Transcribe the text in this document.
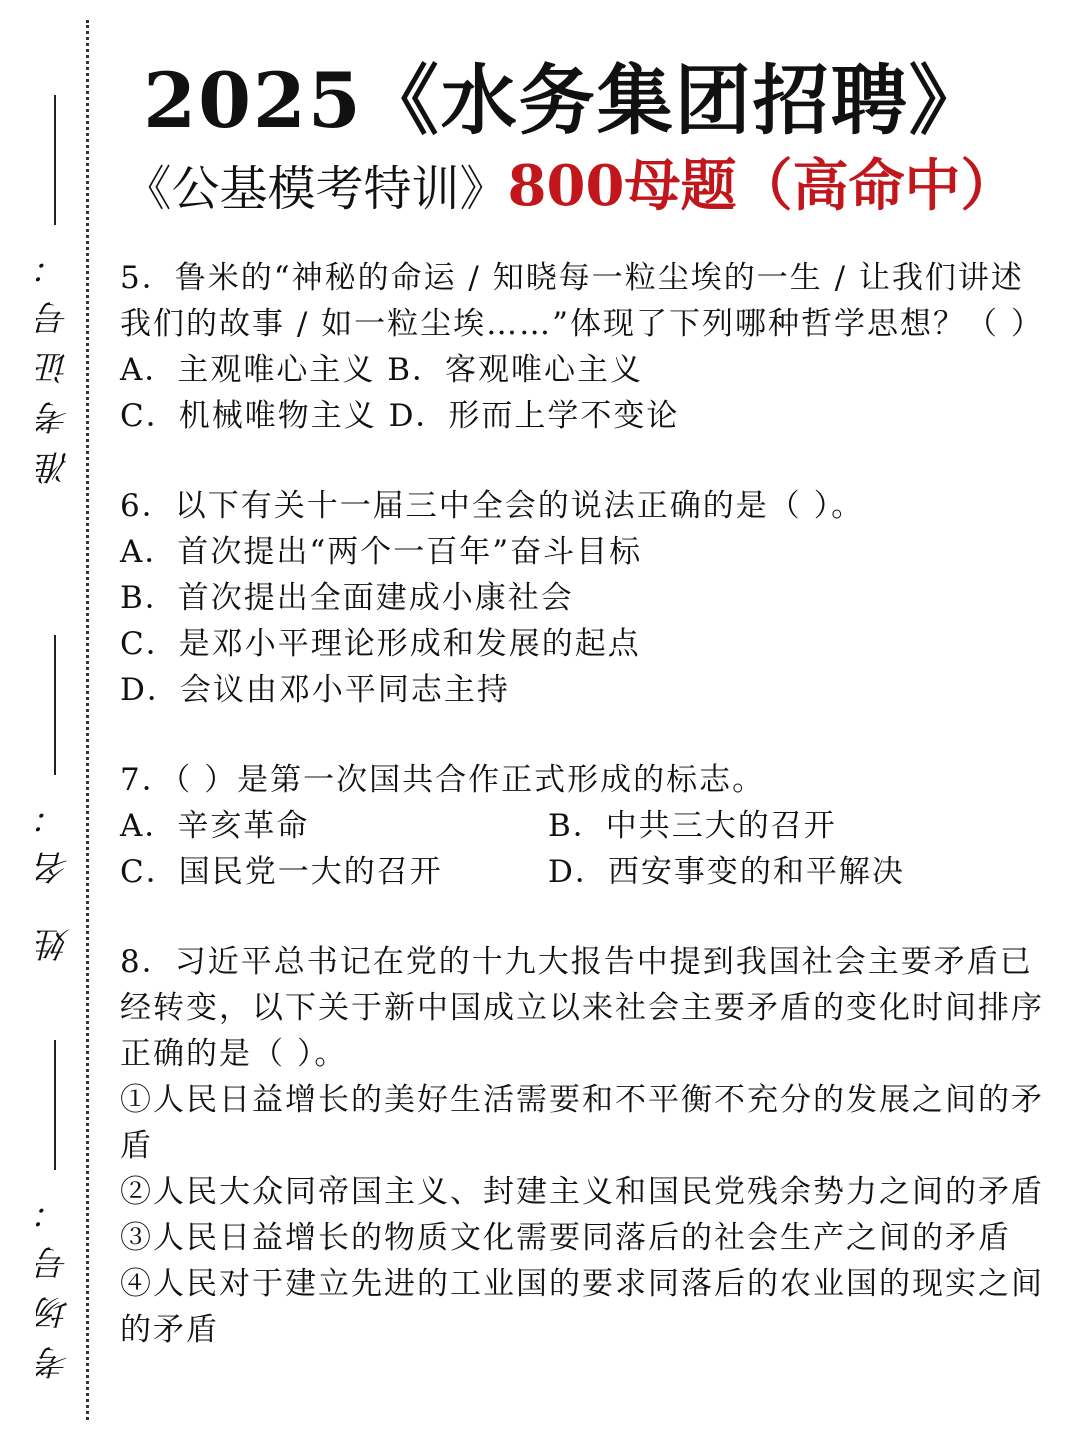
准考证号：
姓 名：
考场号：
2025《水务集团招聘》
《公基模考特训》800母题（高命中）
5．鲁米的“神秘的命运 / 知晓每一粒尘埃的一生 / 让我们讲述我们的故事 / 如一粒尘埃……”体现了下列哪种哲学思想？（ ）
A．主观唯心主义 B．客观唯心主义
C．机械唯物主义 D．形而上学不变论
6．以下有关十一届三中全会的说法正确的是（ ）。
A．首次提出“两个一百年”奋斗目标
B．首次提出全面建成小康社会
C．是邓小平理论形成和发展的起点
D．会议由邓小平同志主持
7．（ ）是第一次国共合作正式形成的标志。
A．辛亥革命	B．中共三大的召开
C．国民党一大的召开	D．西安事变的和平解决
8．习近平总书记在党的十九大报告中提到我国社会主要矛盾已经转变，以下关于新中国成立以来社会主要矛盾的变化时间排序正确的是（ ）。
①人民日益增长的美好生活需要和不平衡不充分的发展之间的矛盾
②人民大众同帝国主义、封建主义和国民党残余势力之间的矛盾
③人民日益增长的物质文化需要同落后的社会生产之间的矛盾
④人民对于建立先进的工业国的要求同落后的农业国的现实之间的矛盾
